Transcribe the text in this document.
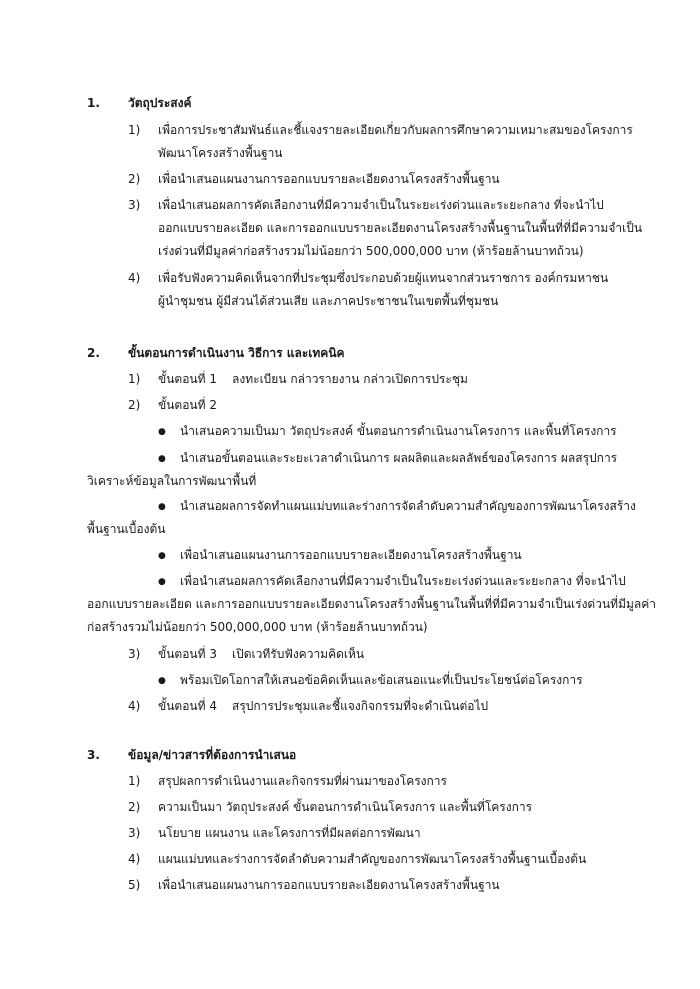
1. วัตถุประสงค์
1) เพื่อการประชาสัมพันธ์และชี้แจงรายละเอียดเกี่ยวกับผลการศึกษาความเหมาะสมของโครงการ
พัฒนาโครงสร้างพื้นฐาน
2) เพื่อนำเสนอแผนงานการออกแบบรายละเอียดงานโครงสร้างพื้นฐาน
3) เพื่อนำเสนอผลการคัดเลือกงานที่มีความจำเป็นในระยะเร่งด่วนและระยะกลาง ที่จะนำไป
ออกแบบรายละเอียด และการออกแบบรายละเอียดงานโครงสร้างพื้นฐานในพื้นที่ที่มีความจำเป็น
เร่งด่วนที่มีมูลค่าก่อสร้างรวมไม่น้อยกว่า 500,000,000 บาท (ห้าร้อยล้านบาทถ้วน)
4) เพื่อรับฟังความคิดเห็นจากที่ประชุมซึ่งประกอบด้วยผู้แทนจากส่วนราชการ องค์กรมหาชน
ผู้นำชุมชน ผู้มีส่วนได้ส่วนเสีย และภาคประชาชนในเขตพื้นที่ชุมชน
2. ขั้นตอนการดำเนินงาน วิธีการ และเทคนิค
1) ขั้นตอนที่ 1 ลงทะเบียน กล่าวรายงาน กล่าวเปิดการประชุม
2) ขั้นตอนที่ 2
●
นำเสนอความเป็นมา วัตถุประสงค์ ขั้นตอนการดำเนินงานโครงการ และพื้นที่โครงการ
●
นำเสนอขั้นตอนและระยะเวลาดำเนินการ ผลผลิตและผลลัพธ์ของโครงการ ผลสรุปการ
วิเคราะห์ข้อมูลในการพัฒนาพื้นที่
●
นำเสนอผลการจัดทำแผนแม่บทและร่างการจัดลำดับความสำคัญของการพัฒนาโครงสร้าง
พื้นฐานเบื้องต้น
●
เพื่อนำเสนอแผนงานการออกแบบรายละเอียดงานโครงสร้างพื้นฐาน
●
เพื่อนำเสนอผลการคัดเลือกงานที่มีความจำเป็นในระยะเร่งด่วนและระยะกลาง ที่จะนำไป
ออกแบบรายละเอียด และการออกแบบรายละเอียดงานโครงสร้างพื้นฐานในพื้นที่ที่มีความจำเป็นเร่งด่วนที่มีมูลค่า
ก่อสร้างรวมไม่น้อยกว่า 500,000,000 บาท (ห้าร้อยล้านบาทถ้วน)
3) ขั้นตอนที่ 3 เปิดเวทีรับฟังความคิดเห็น
●
พร้อมเปิดโอกาสให้เสนอข้อคิดเห็นและข้อเสนอแนะที่เป็นประโยชน์ต่อโครงการ
4) ขั้นตอนที่ 4 สรุปการประชุมและชี้แจงกิจกรรมที่จะดำเนินต่อไป
3. ข้อมูล/ข่าวสารที่ต้องการนำเสนอ
1) สรุปผลการดำเนินงานและกิจกรรมที่ผ่านมาของโครงการ
2) ความเป็นมา วัตถุประสงค์ ขั้นตอนการดำเนินโครงการ และพื้นที่โครงการ
3) นโยบาย แผนงาน และโครงการที่มีผลต่อการพัฒนา
4) แผนแม่บทและร่างการจัดลำดับความสำคัญของการพัฒนาโครงสร้างพื้นฐานเบื้องต้น
5) เพื่อนำเสนอแผนงานการออกแบบรายละเอียดงานโครงสร้างพื้นฐาน
